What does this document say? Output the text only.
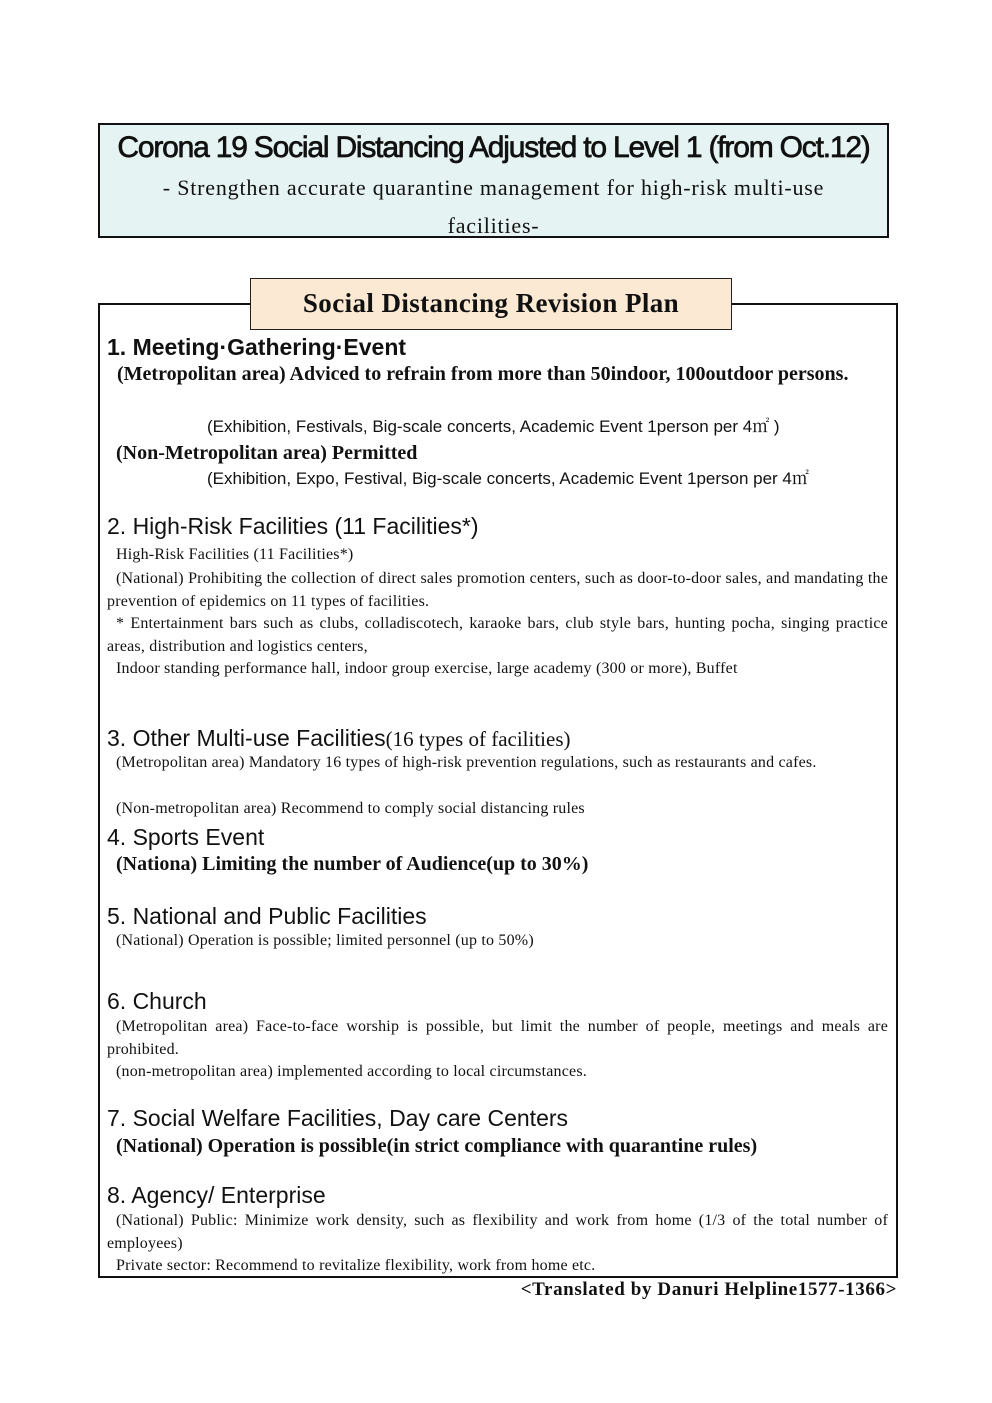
Corona 19 Social Distancing Adjusted to Level 1 (from Oct.12)
- Strengthen accurate quarantine management for high-risk multi-use facilities-
Social Distancing Revision Plan
1. Meeting·Gathering·Event
(Metropolitan area) Adviced to refrain from more than 50indoor, 100outdoor persons.
(Exhibition, Festivals, Big-scale concerts, Academic Event 1person per 4㎡ )
(Non-Metropolitan area) Permitted
(Exhibition, Expo, Festival, Big-scale concerts, Academic Event 1person per 4㎡
2. High-Risk Facilities (11 Facilities*)
High-Risk Facilities (11 Facilities*)
(National) Prohibiting the collection of direct sales promotion centers, such as door-to-door sales, and mandating the prevention of epidemics on 11 types of facilities.
* Entertainment bars such as clubs, colladiscotech, karaoke bars, club style bars, hunting pocha, singing practice areas, distribution and logistics centers,
Indoor standing performance hall, indoor group exercise, large academy (300 or more), Buffet
3. Other Multi-use Facilities(16 types of facilities)
(Metropolitan area) Mandatory 16 types of high-risk prevention regulations, such as restaurants and cafes.
(Non-metropolitan area) Recommend to comply social distancing rules
4. Sports Event
(Nationa) Limiting the number of Audience(up to 30%)
5. National and Public Facilities
(National) Operation is possible; limited personnel (up to 50%)
6. Church
(Metropolitan area) Face-to-face worship is possible, but limit the number of people, meetings and meals are prohibited.
(non-metropolitan area) implemented according to local circumstances.
7. Social Welfare Facilities, Day care Centers
(National) Operation is possible(in strict compliance with quarantine rules)
8. Agency/ Enterprise
(National) Public: Minimize work density, such as flexibility and work from home (1/3 of the total number of employees)
Private sector: Recommend to revitalize flexibility, work from home etc.
<Translated by Danuri Helpline1577-1366>
